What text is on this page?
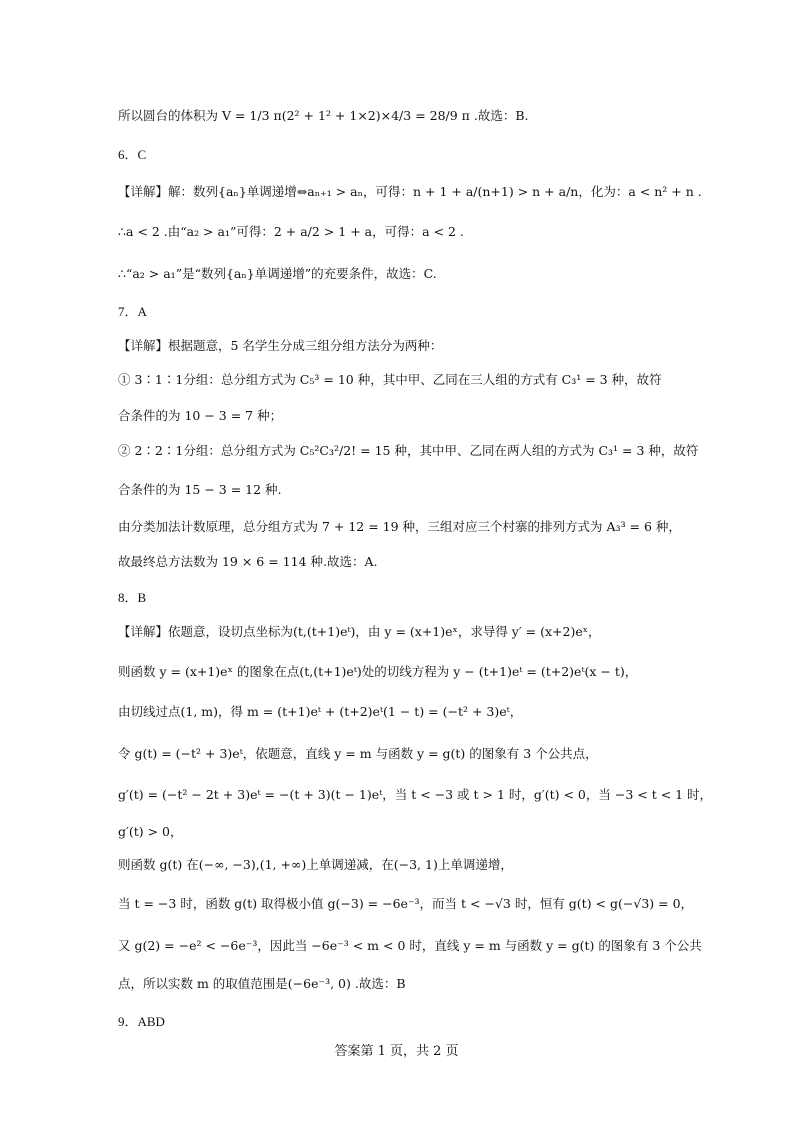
所以圆台的体积为 V = 1/3 π(2² + 1² + 1×2)×4/3 = 28/9 π .故选：B.
6．C
【详解】解：数列{aₙ}单调递增⇔aₙ₊₁ > aₙ，可得：n + 1 + a/(n+1) > n + a/n，化为：a < n² + n .
∴a < 2 .由“a₂ > a₁”可得：2 + a/2 > 1 + a，可得：a < 2 .
∴“a₂ > a₁”是“数列{aₙ}单调递增”的充要条件，故选：C.
7．A
【详解】根据题意，5 名学生分成三组分组方法分为两种：
① 3∶1∶1分组：总分组方式为 C₅³ = 10 种，其中甲、乙同在三人组的方式有 C₃¹ = 3 种，故符
合条件的为 10 − 3 = 7 种；
② 2∶2∶1分组：总分组方式为 C₅²C₃²/2! = 15 种，其中甲、乙同在两人组的方式为 C₃¹ = 3 种，故符
合条件的为 15 − 3 = 12 种.
由分类加法计数原理，总分组方式为 7 + 12 = 19 种，三组对应三个村寨的排列方式为 A₃³ = 6 种，
故最终总方法数为 19 × 6 = 114 种.故选：A.
8．B
【详解】依题意，设切点坐标为(t,(t+1)eᵗ)，由 y = (x+1)eˣ，求导得 y′ = (x+2)eˣ，
则函数 y = (x+1)eˣ 的图象在点(t,(t+1)eᵗ)处的切线方程为 y − (t+1)eᵗ = (t+2)eᵗ(x − t)，
由切线过点(1, m)，得 m = (t+1)eᵗ + (t+2)eᵗ(1 − t) = (−t² + 3)eᵗ，
令 g(t) = (−t² + 3)eᵗ，依题意，直线 y = m 与函数 y = g(t) 的图象有 3 个公共点，
g′(t) = (−t² − 2t + 3)eᵗ = −(t + 3)(t − 1)eᵗ，当 t < −3 或 t > 1 时，g′(t) < 0，当 −3 < t < 1 时，
g′(t) > 0，
则函数 g(t) 在(−∞, −3),(1, +∞)上单调递减，在(−3, 1)上单调递增，
当 t = −3 时，函数 g(t) 取得极小值 g(−3) = −6e⁻³，而当 t < −√3 时，恒有 g(t) < g(−√3) = 0，
又 g(2) = −e² < −6e⁻³，因此当 −6e⁻³ < m < 0 时，直线 y = m 与函数 y = g(t) 的图象有 3 个公共
点，所以实数 m 的取值范围是(−6e⁻³, 0) .故选：B
9．ABD
答案第 1 页，共 2 页
